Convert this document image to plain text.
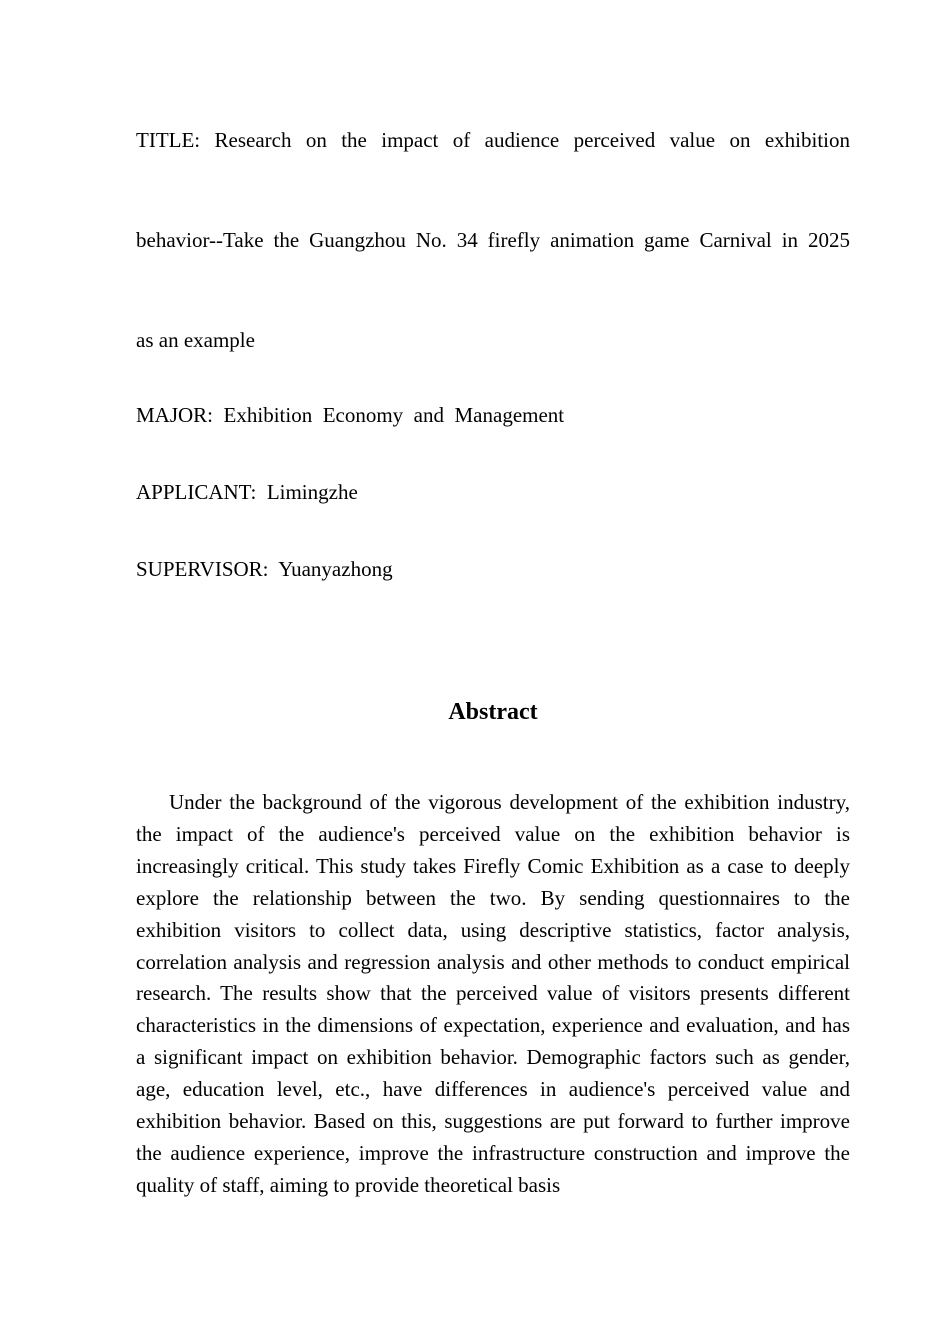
TITLE: Research on the impact of audience perceived value on exhibition
behavior--Take the Guangzhou No. 34 firefly animation game Carnival in 2025
as an example
MAJOR: Exhibition  Economy  and  Management
APPLICANT: Limingzhe
SUPERVISOR: Yuanyazhong
Abstract

Under the background of the vigorous development of the exhibition industry, the impact of the audience's perceived value on the exhibition behavior is increasingly critical. This study takes Firefly Comic Exhibition as a case to deeply explore the relationship between the two. By sending questionnaires to the exhibition visitors to collect data, using descriptive statistics, factor analysis, correlation analysis and regression analysis and other methods to conduct empirical research. The results show that the perceived value of visitors presents different characteristics in the dimensions of expectation, experience and evaluation, and has a significant impact on exhibition behavior. Demographic factors such as gender, age, education level, etc., have differences in audience's perceived value and exhibition behavior. Based on this, suggestions are put forward to further improve the audience experience, improve the infrastructure construction and improve the quality of staff, aiming to provide theoretical basis
